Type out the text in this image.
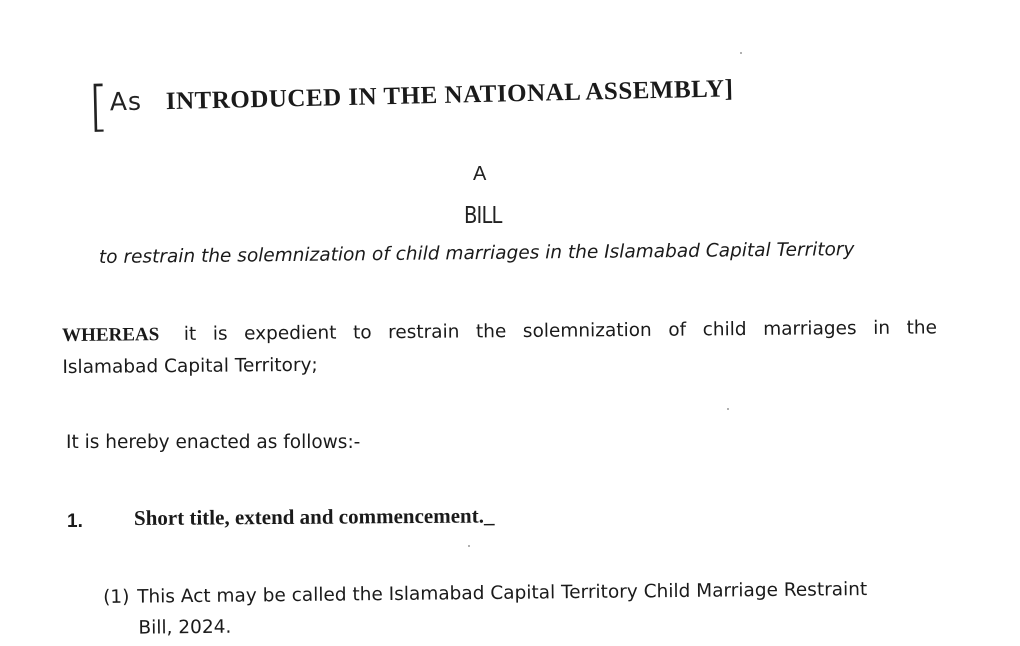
[ As INTRODUCED IN THE NATIONAL ASSEMBLY]
A
BILL
to restrain the solemnization of child marriages in the Islamabad Capital Territory
WHEREAS it is expedient to restrain the solemnization of child marriages in the
Islamabad Capital Territory;
It is hereby enacted as follows:-
1. Short title, extend and commencement._
(1) This Act may be called the Islamabad Capital Territory Child Marriage Restraint
Bill, 2024.
